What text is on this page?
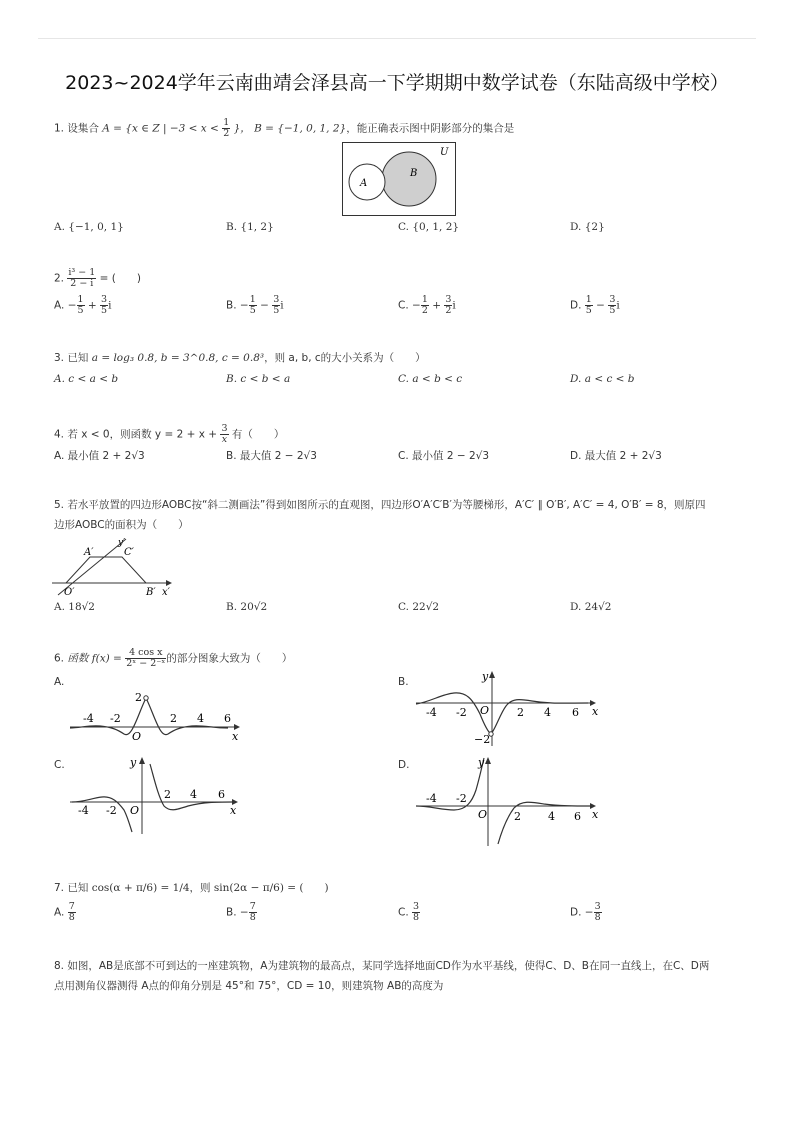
2023~2024学年云南曲靖会泽县高一下学期期中数学试卷（东陆高级中学校）
1. 设集合 A = {x ∈ Z | $-3 < x < \frac{1}{2}$ }， B = {−1, 0, 1, 2}，能正确表示图中阴影部分的集合是
U
A
B
A. {−1, 0, 1}	B. {1, 2}	C. {0, 1, 2}	D. {2}
2. $\frac{\text{i³ − 1}}{2 - i}$ = (　　)
A. − $\frac{1}{5} + \frac{3}{5}$ i	B. − $\frac{1}{5} - \frac{3}{5}$ i	C. − $\frac{1}{2} + \frac{3}{2}$ i	D. $\frac{1}{5} - \frac{3}{5}$ i
3. 已知 a = log₃ 0.8, b = 3^0.8, c = 0.8³，则 a, b, c的大小关系为（　　）
A. c < a < b	B. c < b < a	C. a < b < c	D. a < c < b
4. 若 x < 0，则函数 $y = 2 + x + \frac{3}{x}$ 有（　　）
A. 最小值 2 + 2√3	B. 最大值 2 − 2√3	C. 最小值 2 − 2√3	D. 最大值 2 + 2√3
5. 若水平放置的四边形AOBC按“斜二测画法”得到如图所示的直观图，四边形O′A′C′B′为等腰梯形，A′C′ ∥ O′B′, A′C′ = 4, O′B′ = 8，则原四
边形AOBC的面积为（　　）
A′	C′
y′
O′	B′ x′
A. 18√2	B. 20√2	C. 22√2	D. 24√2
6. 函数 $f(x) = \frac{\text{4 cos x}}{\text{2ˣ − 2⁻ˣ}}$ 的部分图象大致为（　　）
A.	B.
C.	D.
-4 -2	2 4 6
2
O	x
-4 -2	2 4 6
−2
O	x
y
-4 -2
2 4 6
O	x
y
-4 -2
2 4 6
O	x
y
7. 已知 cos(α + π/6) = 1/4，则 sin(2α − π/6) = (　　)
A. $\frac{7}{8}$	B. − $\frac{7}{8}$	C. $\frac{3}{8}$	D. − $\frac{3}{8}$
8. 如图，AB是底部不可到达的一座建筑物，A为建筑物的最高点，某同学选择地面CD作为水平基线，使得C、D、B在同一直线上，在C、D两
点用测角仪器测得 A点的仰角分别是 45°和 75°，CD = 10，则建筑物 AB的高度为
